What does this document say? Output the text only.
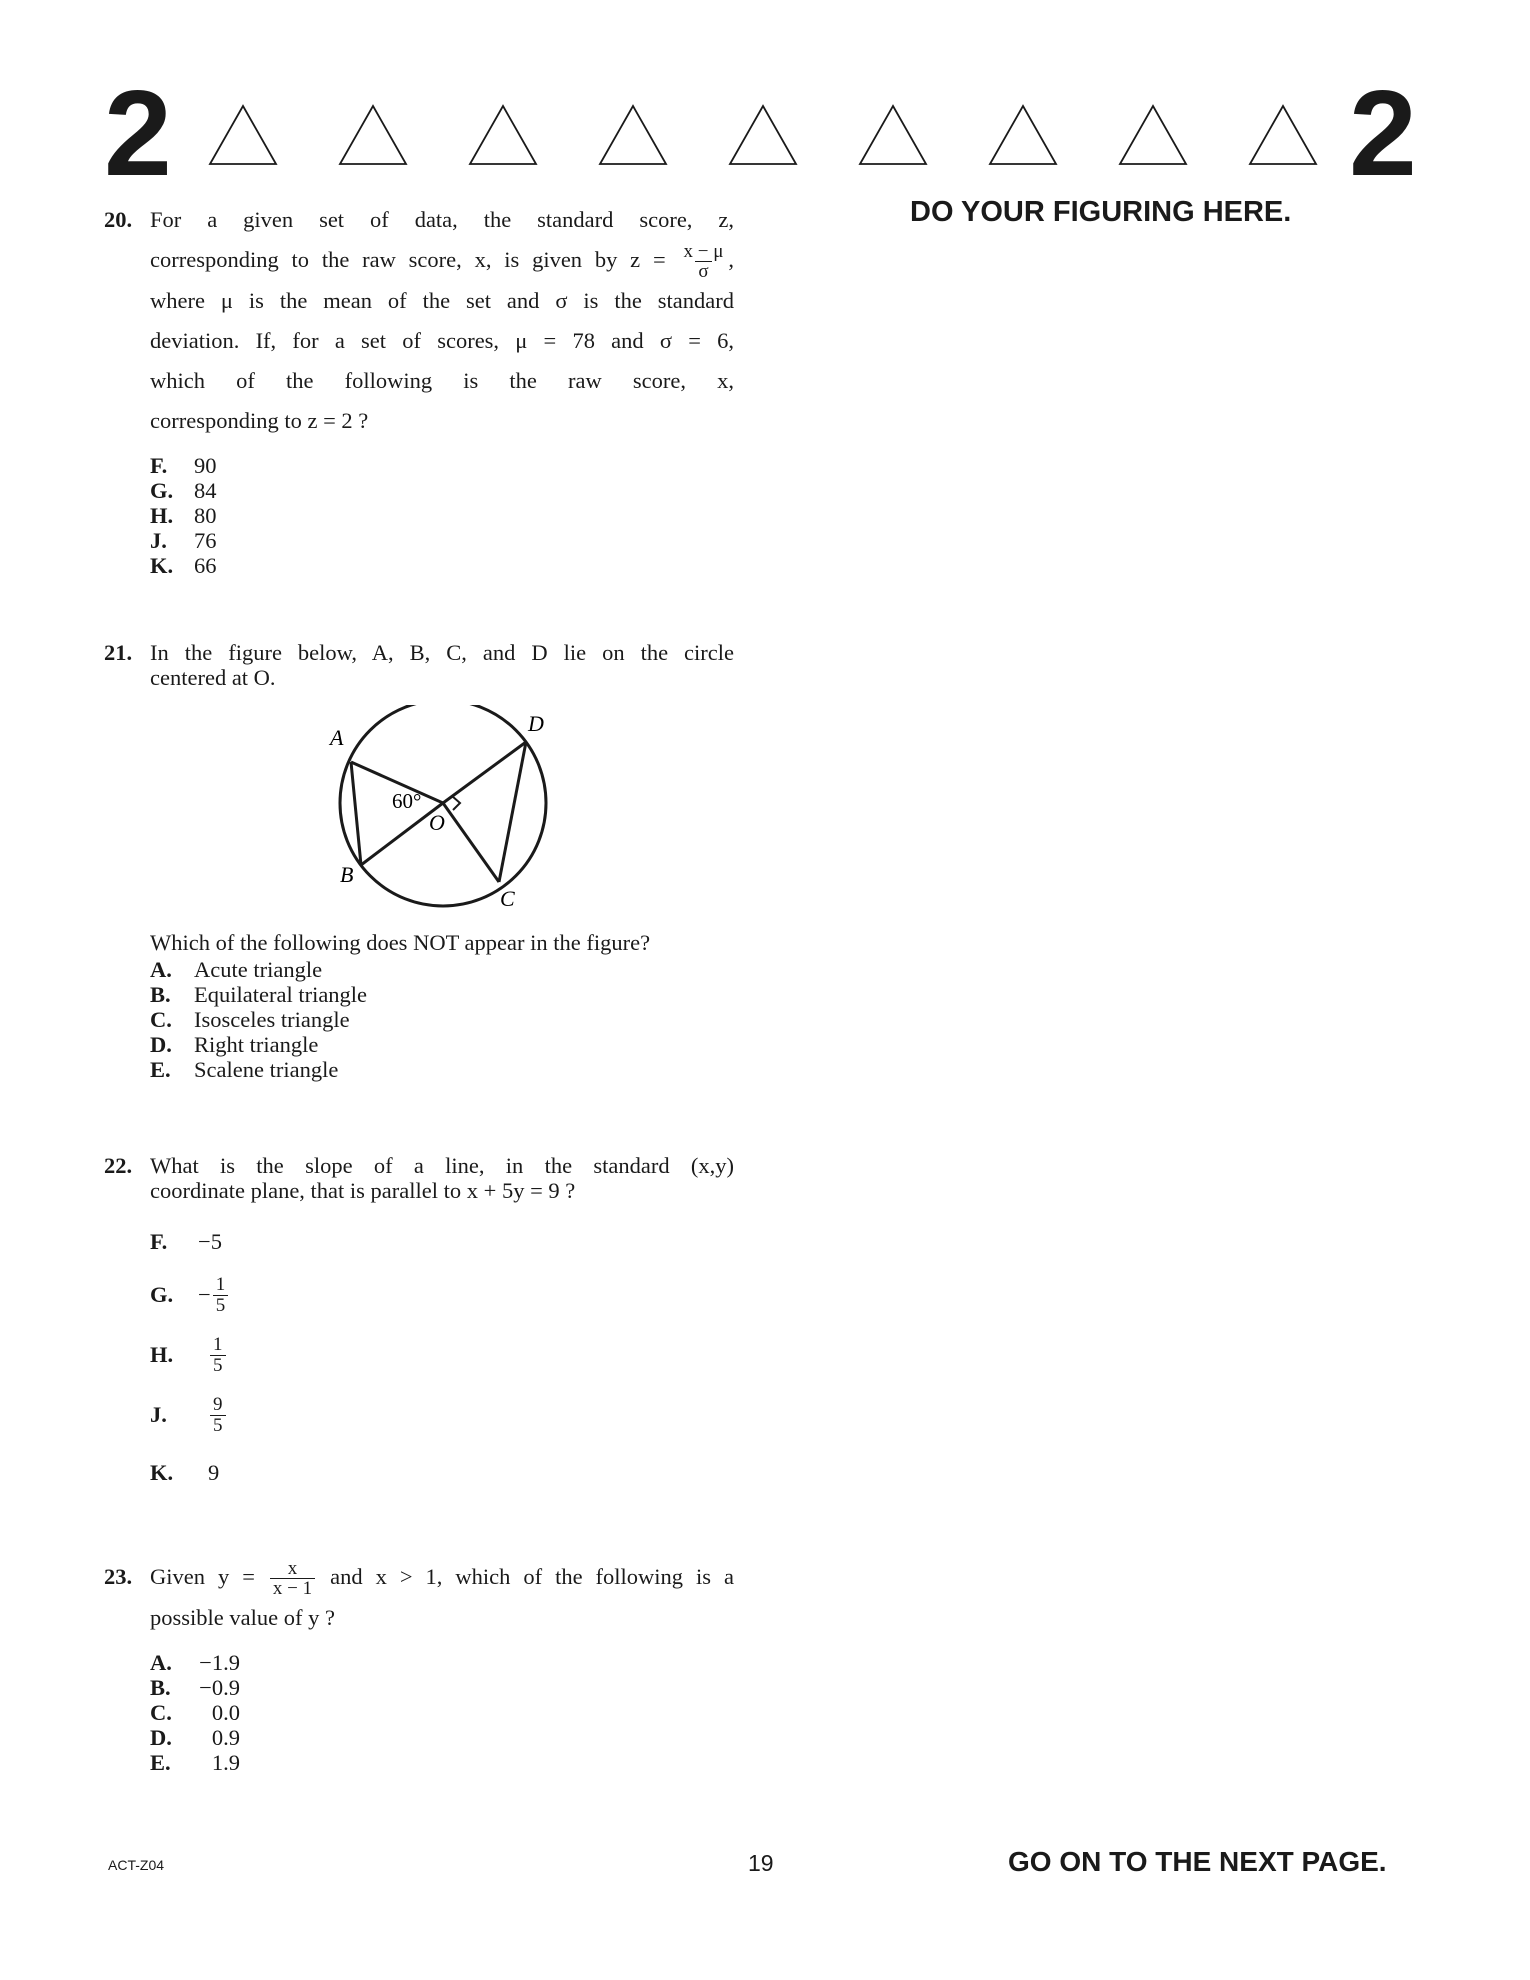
2	2
DO YOUR FIGURING HERE.
20. For a given set of data, the standard score, z,
corresponding to the raw score, x, is given by $z = \frac{x - \mu}{\sigma}$ ,
where μ is the mean of the set and σ is the standard
deviation. If, for a set of scores, μ = 78 and σ = 6,
which of the following is the raw score, x,
corresponding to z = 2 ?
F. 90
G. 84
H. 80
J. 76
K. 66
21. In the figure below, A, B, C, and D lie on the circle
centered at O.
A
D
B
C
O
60°
Which of the following does NOT appear in the figure?
A. Acute triangle
B. Equilateral triangle
C. Isosceles triangle
D. Right triangle
E. Scalene triangle
22. What is the slope of a line, in the standard (x,y)
coordinate plane, that is parallel to x + 5y = 9 ?
F.	−5
G.	− $\frac{1}{5}$
H.	$\frac{1}{5}$
J.	$\frac{9}{5}$
K.	9
23. Given $y = \frac{x}{x - 1}$ and x > 1, which of the following is a
possible value of y ?
A. −1.9
B. −0.9
C. 0.0
D. 0.9
E. 1.9
ACT-Z04	19	GO ON TO THE NEXT PAGE.
